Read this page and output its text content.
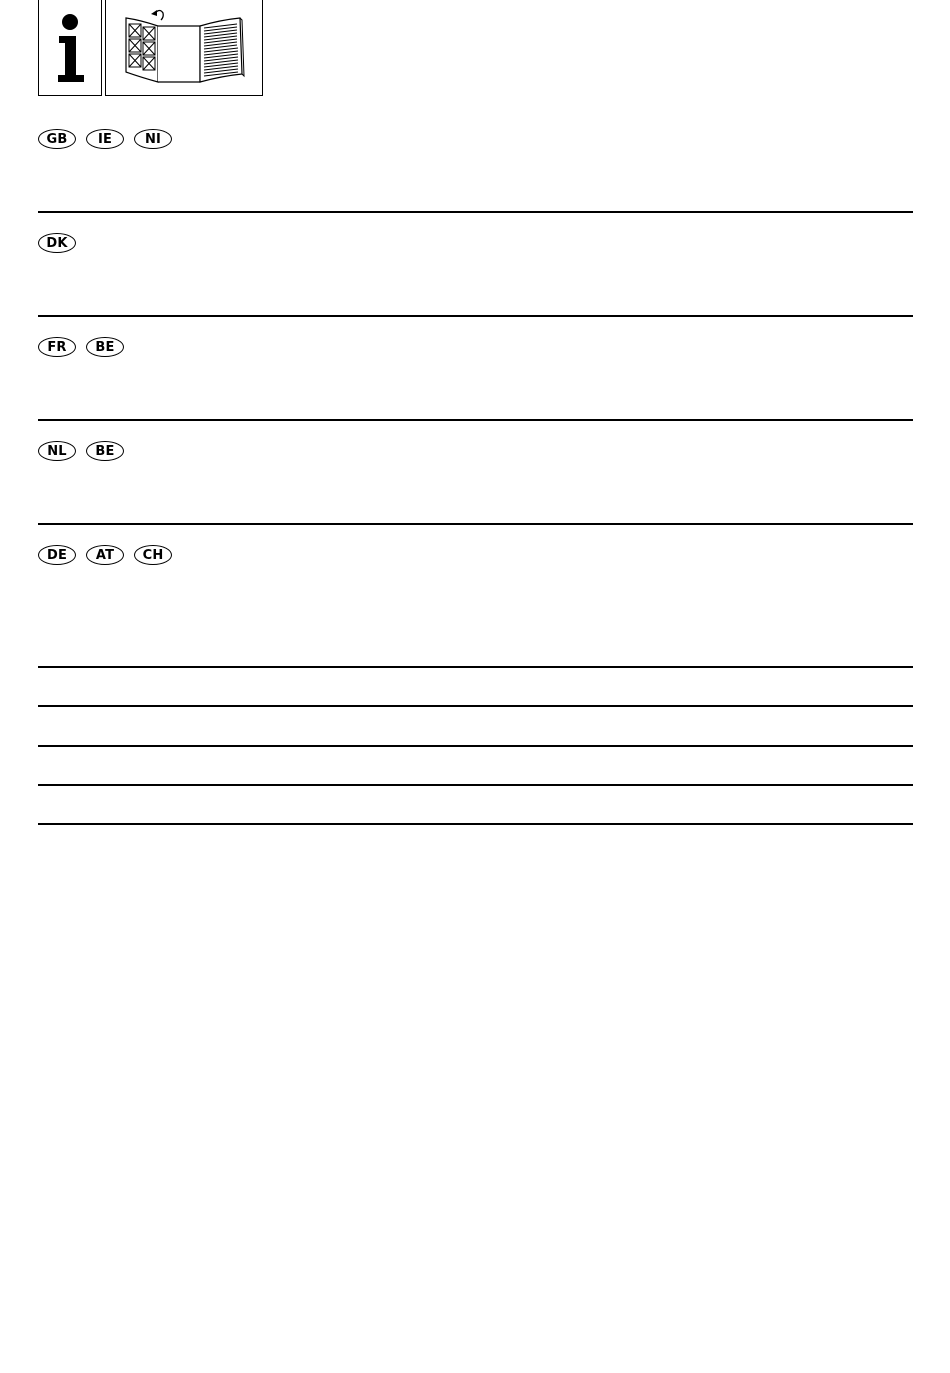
GB	IE	NI
DK
FR	BE
NL	BE
DE	AT	CH
